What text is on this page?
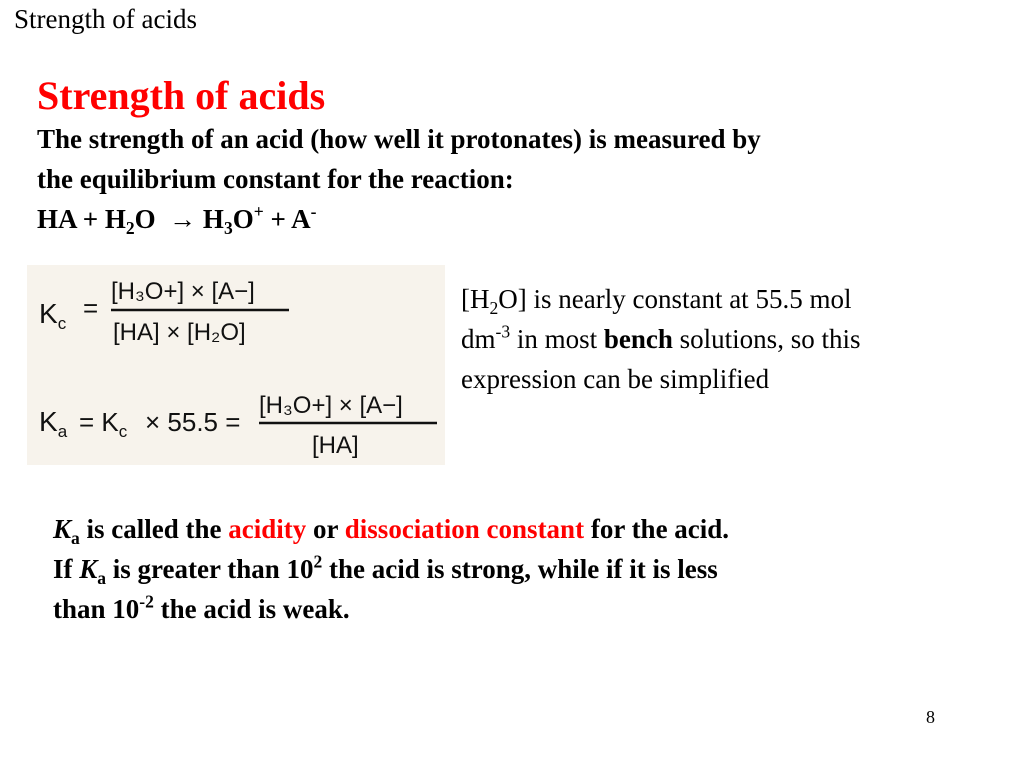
Strength of acids
Strength of acids
The strength of an acid (how well it protonates) is measured by
the equilibrium constant for the reaction:
HA + $H_2O \to H_3O^+ + A^-$
$K_c$
=
[H₃O+] × [A−]
[HA] × [H₂O]
$K_a = K_c \times 55.5$ =
[H₃O+] × [A−]
[HA]
$[H_2O]$ is nearly constant at 55.5 mol
$dm^{-3}$ in most bench solutions, so this
expression can be simplified
$K_a$ is called the acidity or dissociation constant for the acid.
If $K_a$ is greater than $10^2$ the acid is strong, while if it is less
than $10^{-2}$ the acid is weak.
8
